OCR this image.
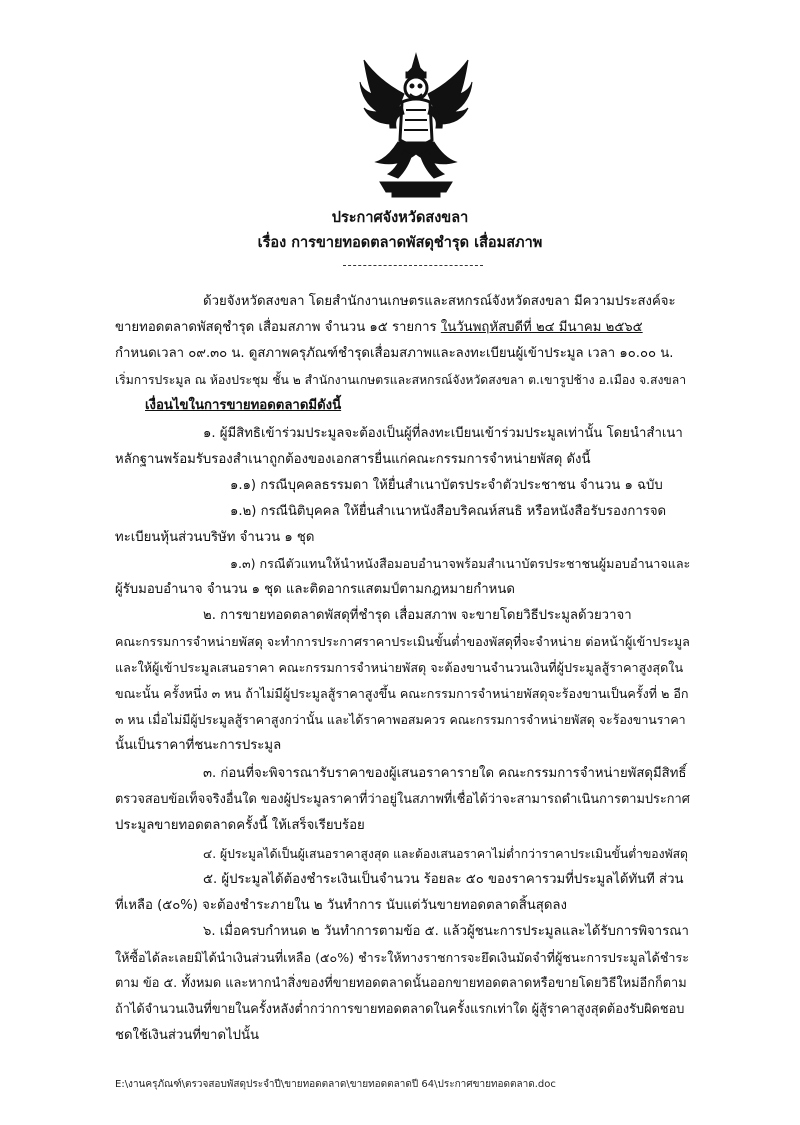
ประกาศจังหวัดสงขลา
เรื่อง การขายทอดตลาดพัสดุชำรุด เสื่อมสภาพ
ด้วยจังหวัดสงขลา โดยสำนักงานเกษตรและสหกรณ์จังหวัดสงขลา มีความประสงค์จะ
ขายทอดตลาดพัสดุชำรุด เสื่อมสภาพ จำนวน ๑๕ รายการ ในวันพฤหัสบดีที่ ๒๔ มีนาคม ๒๕๖๕
กำหนดเวลา ๐๙.๓๐ น. ดูสภาพครุภัณฑ์ชำรุดเสื่อมสภาพและลงทะเบียนผู้เข้าประมูล เวลา ๑๐.๐๐ น.
เริ่มการประมูล ณ ห้องประชุม ชั้น ๒ สำนักงานเกษตรและสหกรณ์จังหวัดสงขลา ต.เขารูปช้าง อ.เมือง จ.สงขลา
เงื่อนไขในการขายทอดตลาดมีดังนี้
๑. ผู้มีสิทธิเข้าร่วมประมูลจะต้องเป็นผู้ที่ลงทะเบียนเข้าร่วมประมูลเท่านั้น โดยนำสำเนา
หลักฐานพร้อมรับรองสำเนาถูกต้องของเอกสารยื่นแก่คณะกรรมการจำหน่ายพัสดุ ดังนี้
๑.๑) กรณีบุคคลธรรมดา ให้ยื่นสำเนาบัตรประจำตัวประชาชน จำนวน ๑ ฉบับ
๑.๒) กรณีนิติบุคคล ให้ยื่นสำเนาหนังสือบริคณห์สนธิ หรือหนังสือรับรองการจด
ทะเบียนหุ้นส่วนบริษัท จำนวน ๑ ชุด
๑.๓) กรณีตัวแทนให้นำหนังสือมอบอำนาจพร้อมสำเนาบัตรประชาชนผู้มอบอำนาจและ
ผู้รับมอบอำนาจ จำนวน ๑ ชุด และติดอากรแสตมป์ตามกฎหมายกำหนด
๒. การขายทอดตลาดพัสดุที่ชำรุด เสื่อมสภาพ จะขายโดยวิธีประมูลด้วยวาจา
คณะกรรมการจำหน่ายพัสดุ จะทำการประกาศราคาประเมินขั้นต่ำของพัสดุที่จะจำหน่าย ต่อหน้าผู้เข้าประมูล
และให้ผู้เข้าประมูลเสนอราคา คณะกรรมการจำหน่ายพัสดุ จะต้องขานจำนวนเงินที่ผู้ประมูลสู้ราคาสูงสุดใน
ขณะนั้น ครั้งหนึ่ง ๓ หน ถ้าไม่มีผู้ประมูลสู้ราคาสูงขึ้น คณะกรรมการจำหน่ายพัสดุจะร้องขานเป็นครั้งที่ ๒ อีก
๓ หน เมื่อไม่มีผู้ประมูลสู้ราคาสูงกว่านั้น และได้ราคาพอสมควร คณะกรรมการจำหน่ายพัสดุ จะร้องขานราคา
นั้นเป็นราคาที่ชนะการประมูล
๓. ก่อนที่จะพิจารณารับราคาของผู้เสนอราคารายใด คณะกรรมการจำหน่ายพัสดุมีสิทธิ์
ตรวจสอบข้อเท็จจริงอื่นใด ของผู้ประมูลราคาที่ว่าอยู่ในสภาพที่เชื่อได้ว่าจะสามารถดำเนินการตามประกาศ
ประมูลขายทอดตลาดครั้งนี้ ให้เสร็จเรียบร้อย
๔. ผู้ประมูลได้เป็นผู้เสนอราคาสูงสุด และต้องเสนอราคาไม่ต่ำกว่าราคาประเมินขั้นต่ำของพัสดุ
๕. ผู้ประมูลได้ต้องชำระเงินเป็นจำนวน ร้อยละ ๕๐ ของราคารวมที่ประมูลได้ทันที ส่วน
ที่เหลือ (๕๐%) จะต้องชำระภายใน ๒ วันทำการ นับแต่วันขายทอดตลาดสิ้นสุดลง
๖. เมื่อครบกำหนด ๒ วันทำการตามข้อ ๕. แล้วผู้ชนะการประมูลและได้รับการพิจารณา
ให้ซื้อได้ละเลยมิได้นำเงินส่วนที่เหลือ (๕๐%) ชำระให้ทางราชการจะยึดเงินมัดจำที่ผู้ชนะการประมูลได้ชำระ
ตาม ข้อ ๕. ทั้งหมด และหากนำสิ่งของที่ขายทอดตลาดนั้นออกขายทอดตลาดหรือขายโดยวิธีใหม่อีกก็ตาม
ถ้าได้จำนวนเงินที่ขายในครั้งหลังต่ำกว่าการขายทอดตลาดในครั้งแรกเท่าใด ผู้สู้ราคาสูงสุดต้องรับผิดชอบ
ชดใช้เงินส่วนที่ขาดไปนั้น
E:\งานครุภัณฑ์\ตรวจสอบพัสดุประจำปี\ขายทอดตลาด\ขายทอดตลาดปี 64\ประกาศขายทอดตลาด.doc
